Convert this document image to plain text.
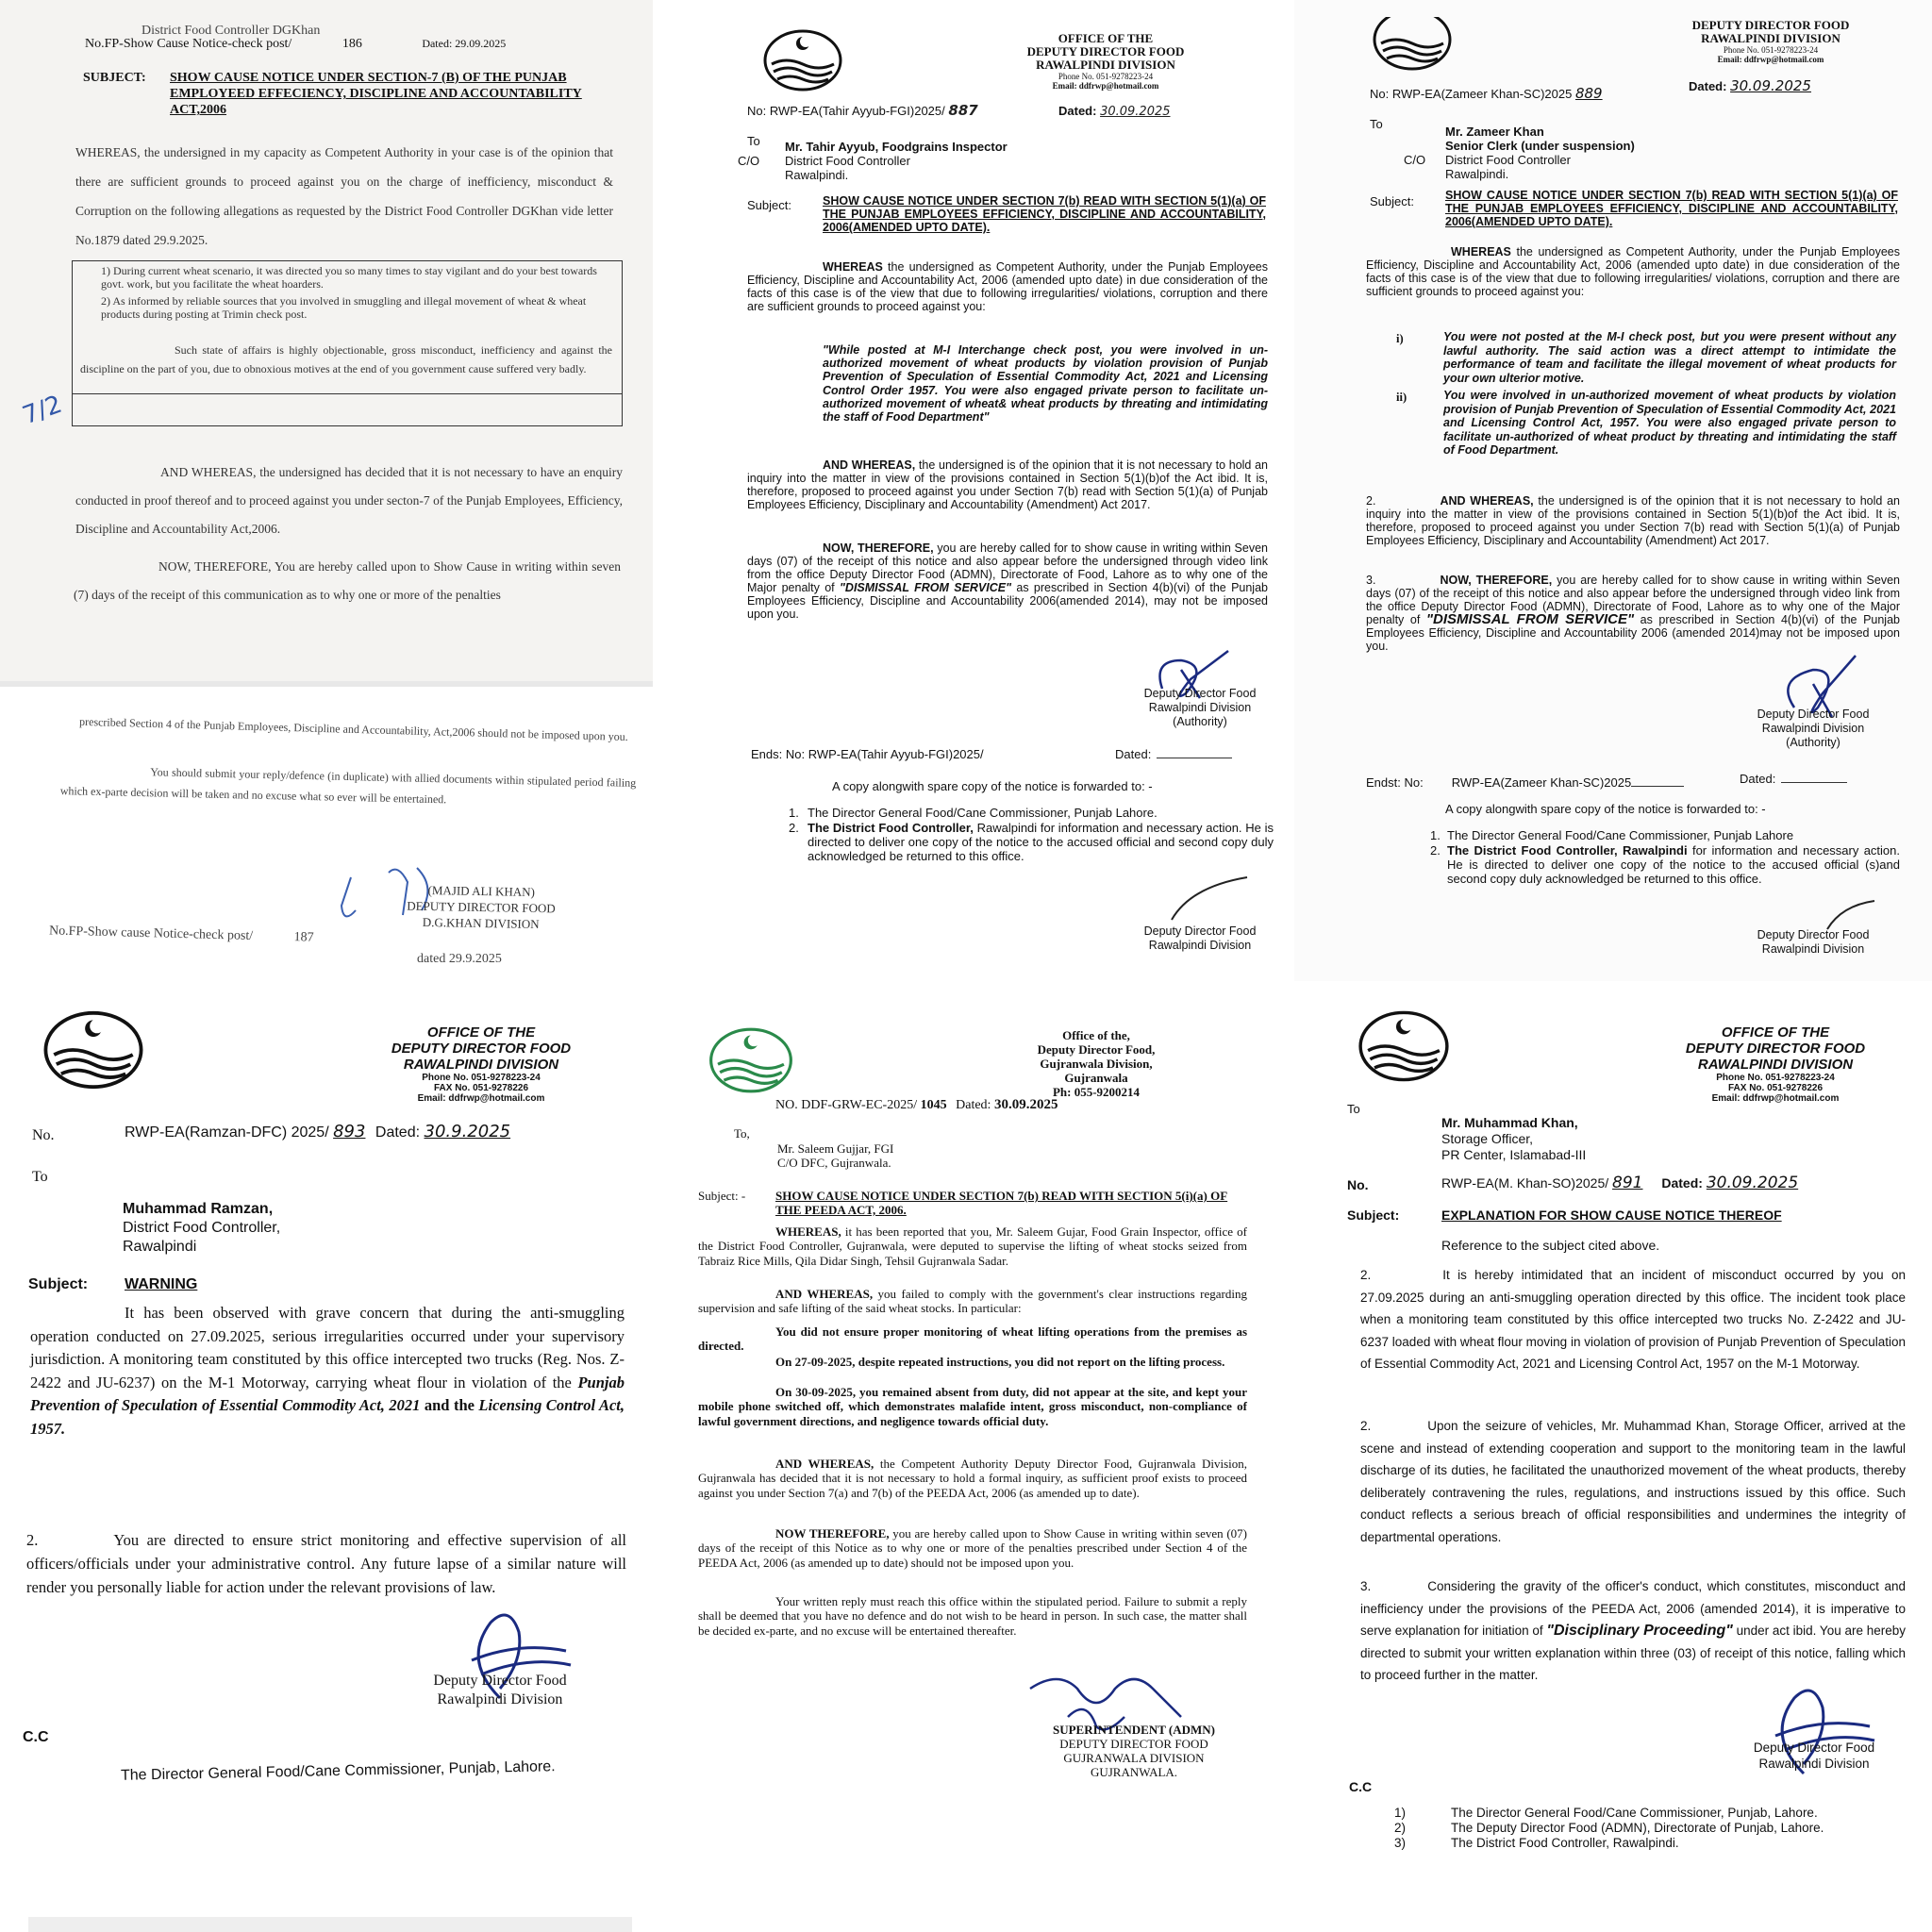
District Food Controller DGKhan
No.FP-Show Cause Notice-check post/	186	Dated: 29.09.2025
SUBJECT: SHOW CAUSE NOTICE UNDER SECTION-7 (B) OF THE PUNJAB EMPLOYEED EFFECIENCY, DISCIPLINE AND ACCOUNTABILITY ACT,2006
WHEREAS, the undersigned in my capacity as Competent Authority in your case is of the opinion that there are sufficient grounds to proceed against you on the charge of inefficiency, misconduct & Corruption on the following allegations as requested by the District Food Controller DGKhan vide letter No.1879 dated 29.9.2025.
1) During current wheat scenario, it was directed you so many times to stay vigilant and do your best towards govt. work, but you facilitate the wheat hoarders.
2) As informed by reliable sources that you involved in smuggling and illegal movement of wheat & wheat products during posting at Trimin check post.
Such state of affairs is highly objectionable, gross misconduct, inefficiency and against the discipline on the part of you, due to obnoxious motives at the end of you government cause suffered very badly.
7/2
AND WHEREAS, the undersigned has decided that it is not necessary to have an enquiry conducted in proof thereof and to proceed against you under secton-7 of the Punjab Employees, Efficiency, Discipline and Accountability Act,2006.
NOW, THEREFORE, You are hereby called upon to Show Cause in writing within seven (7) days of the receipt of this communication as to why one or more of the penalties
prescribed Section 4 of the Punjab Employees, Discipline and Accountability, Act,2006 should not be imposed upon you.
You should submit your reply/defence (in duplicate) with allied documents within stipulated period failing which ex-parte decision will be taken and no excuse what so ever will be entertained.
(MAJID ALI KHAN)
DEPUTY DIRECTOR FOOD
D.G.KHAN DIVISION
No.FP-Show cause Notice-check post/	187
dated 29.9.2025
OFFICE OF THE
DEPUTY DIRECTOR FOOD
RAWALPINDI DIVISION
Phone No. 051-9278223-24
Email: ddfrwp@hotmail.com
No: RWP-EA(Tahir Ayyub-FGI)2025/ 887	Dated: 30.09.2025
To Mr. Tahir Ayyub, Foodgrains Inspector
C/O District Food Controller
Rawalpindi.
Subject:	SHOW CAUSE NOTICE UNDER SECTION 7(b) READ WITH SECTION 5(1)(a) OF THE PUNJAB EMPLOYEES EFFICIENCY, DISCIPLINE AND ACCOUNTABILITY, 2006(AMENDED UPTO DATE).
WHEREAS the undersigned as Competent Authority, under the Punjab Employees Efficiency, Discipline and Accountability Act, 2006 (amended upto date) in due consideration of the facts of this case is of the view that due to following irregularities/ violations, corruption and there are sufficient grounds to proceed against you:
"While posted at M-I Interchange check post, you were involved in un-authorized movement of wheat products by violation provision of Punjab Prevention of Speculation of Essential Commodity Act, 2021 and Licensing Control Order 1957. You were also engaged private person to facilitate un-authorized movement of wheat& wheat products by threating and intimidating the staff of Food Department"
AND WHEREAS, the undersigned is of the opinion that it is not necessary to hold an inquiry into the matter in view of the provisions contained in Section 5(1)(b)of the Act ibid. It is, therefore, proposed to proceed against you under Section 7(b) read with Section 5(1)(a) of Punjab Employees Efficiency, Disciplinary and Accountability (Amendment) Act 2017.
NOW, THEREFORE, you are hereby called for to show cause in writing within Seven days (07) of the receipt of this notice and also appear before the undersigned through video link from the office Deputy Director Food (ADMN), Directorate of Food, Lahore as to why one of the Major penalty of "DISMISSAL FROM SERVICE" as prescribed in Section 4(b)(vi) of the Punjab Employees Efficiency, Discipline and Accountability 2006(amended 2014), may not be imposed upon you.
Deputy Director Food
Rawalpindi Division
(Authority)
Ends: No: RWP-EA(Tahir Ayyub-FGI)2025/	Dated:
A copy alongwith spare copy of the notice is forwarded to: -
1. The Director General Food/Cane Commissioner, Punjab Lahore.
2. The District Food Controller, Rawalpindi for information and necessary action. He is directed to deliver one copy of the notice to the accused official and second copy duly acknowledged be returned to this office.
Deputy Director Food
Rawalpindi Division
DEPUTY DIRECTOR FOOD
RAWALPINDI DIVISION
Phone No. 051-9278223-24
Email: ddfrwp@hotmail.com
No: RWP-EA(Zameer Khan-SC)2025 889	Dated: 30.09.2025
To
Mr. Zameer Khan
Senior Clerk (under suspension)
C/O District Food Controller
Rawalpindi.
Subject:	SHOW CAUSE NOTICE UNDER SECTION 7(b) READ WITH SECTION 5(1)(a) OF THE PUNJAB EMPLOYEES EFFICIENCY, DISCIPLINE AND ACCOUNTABILITY, 2006(AMENDED UPTO DATE).
WHEREAS the undersigned as Competent Authority, under the Punjab Employees Efficiency, Discipline and Accountability Act, 2006 (amended upto date) in due consideration of the facts of this case is of the view that due to following irregularities/ violations, corruption and there are sufficient grounds to proceed against you:
i)	You were not posted at the M-I check post, but you were present without any lawful authority. The said action was a direct attempt to intimidate the performance of team and facilitate the illegal movement of wheat products for your own ulterior motive.
ii)	You were involved in un-authorized movement of wheat products by violation provision of Punjab Prevention of Speculation of Essential Commodity Act, 2021 and Licensing Control Act, 1957. You were also engaged private person to facilitate un-authorized of wheat product by threating and intimidating the staff of Food Department.
2.	AND WHEREAS, the undersigned is of the opinion that it is not necessary to hold an inquiry into the matter in view of the provisions contained in Section 5(1)(b)of the Act ibid. It is, therefore, proposed to proceed against you under Section 7(b) read with Section 5(1)(a) of Punjab Employees Efficiency, Disciplinary and Accountability (Amendment) Act 2017.
3.	NOW, THEREFORE, you are hereby called for to show cause in writing within Seven days (07) of the receipt of this notice and also appear before the undersigned through video link from the office Deputy Director Food (ADMN), Directorate of Food, Lahore as to why one of the Major penalty of "DISMISSAL FROM SERVICE" as prescribed in Section 4(b)(vi) of the Punjab Employees Efficiency, Discipline and Accountability 2006 (amended 2014)may not be imposed upon you.
Deputy Director Food
Rawalpindi Division
(Authority)
Endst: No: RWP-EA(Zameer Khan-SC)2025	Dated:
A copy alongwith spare copy of the notice is forwarded to: -
1. The Director General Food/Cane Commissioner, Punjab Lahore
2. The District Food Controller, Rawalpindi for information and necessary action. He is directed to deliver one copy of the notice to the accused official (s)and second copy duly acknowledged be returned to this office.
Deputy Director Food
Rawalpindi Division
OFFICE OF THE
DEPUTY DIRECTOR FOOD
RAWALPINDI DIVISION
Phone No. 051-9278223-24
FAX No. 051-9278226
Email: ddfrwp@hotmail.com
No.	RWP-EA(Ramzan-DFC) 2025/ 893 Dated: 30.9.2025
To
Muhammad Ramzan,
District Food Controller,
Rawalpindi
Subject: WARNING
It has been observed with grave concern that during the anti-smuggling operation conducted on 27.09.2025, serious irregularities occurred under your supervisory jurisdiction. A monitoring team constituted by this office intercepted two trucks (Reg. Nos. Z-2422 and JU-6237) on the M-1 Motorway, carrying wheat flour in violation of the Punjab Prevention of Speculation of Essential Commodity Act, 2021 and the Licensing Control Act, 1957.
2.	You are directed to ensure strict monitoring and effective supervision of all officers/officials under your administrative control. Any future lapse of a similar nature will render you personally liable for action under the relevant provisions of law.
Deputy Director Food
Rawalpindi Division
C.C
The Director General Food/Cane Commissioner, Punjab, Lahore.
Office of the,
Deputy Director Food,
Gujranwala Division,
Gujranwala
Ph: 055-9200214
NO. DDF-GRW-EC-2025/ 1045 Dated: 30.09.2025
To,
Mr. Saleem Gujjar, FGI
C/O DFC, Gujranwala.
Subject: - SHOW CAUSE NOTICE UNDER SECTION 7(b) READ WITH SECTION 5(i)(a) OF THE PEEDA ACT, 2006.
WHEREAS, it has been reported that you, Mr. Saleem Gujar, Food Grain Inspector, office of the District Food Controller, Gujranwala, were deputed to supervise the lifting of wheat stocks seized from Tabraiz Rice Mills, Qila Didar Singh, Tehsil Gujranwala Sadar.
AND WHEREAS, you failed to comply with the government's clear instructions regarding supervision and safe lifting of the said wheat stocks. In particular:
You did not ensure proper monitoring of wheat lifting operations from the premises as directed.
On 27-09-2025, despite repeated instructions, you did not report on the lifting process.
On 30-09-2025, you remained absent from duty, did not appear at the site, and kept your mobile phone switched off, which demonstrates malafide intent, gross misconduct, non-compliance of lawful government directions, and negligence towards official duty.
AND WHEREAS, the Competent Authority Deputy Director Food, Gujranwala Division, Gujranwala has decided that it is not necessary to hold a formal inquiry, as sufficient proof exists to proceed against you under Section 7(a) and 7(b) of the PEEDA Act, 2006 (as amended up to date).
NOW THEREFORE, you are hereby called upon to Show Cause in writing within seven (07) days of the receipt of this Notice as to why one or more of the penalties prescribed under Section 4 of the PEEDA Act, 2006 (as amended up to date) should not be imposed upon you.
Your written reply must reach this office within the stipulated period. Failure to submit a reply shall be deemed that you have no defence and do not wish to be heard in person. In such case, the matter shall be decided ex-parte, and no excuse will be entertained thereafter.
SUPERINTENDENT (ADMN)
DEPUTY DIRECTOR FOOD
GUJRANWALA DIVISION
GUJRANWALA.
OFFICE OF THE
DEPUTY DIRECTOR FOOD
RAWALPINDI DIVISION
Phone No. 051-9278223-24
FAX No. 051-9278226
Email: ddfrwp@hotmail.com
To
Mr. Muhammad Khan,
Storage Officer,
PR Center, Islamabad-III
No.	RWP-EA(M. Khan-SO)2025/ 891 Dated: 30.09.2025
Subject:	EXPLANATION FOR SHOW CAUSE NOTICE THEREOF
Reference to the subject cited above.
2.	It is hereby intimidated that an incident of misconduct occurred by you on 27.09.2025 during an anti-smuggling operation directed by this office. The incident took place when a monitoring team constituted by this office intercepted two trucks No. Z-2422 and JU-6237 loaded with wheat flour moving in violation of provision of Punjab Prevention of Speculation of Essential Commodity Act, 2021 and Licensing Control Act, 1957 on the M-1 Motorway.
2.	Upon the seizure of vehicles, Mr. Muhammad Khan, Storage Officer, arrived at the scene and instead of extending cooperation and support to the monitoring team in the lawful discharge of its duties, he facilitated the unauthorized movement of the wheat products, thereby deliberately contravening the rules, regulations, and instructions issued by this office. Such conduct reflects a serious breach of official responsibilities and undermines the integrity of departmental operations.
3.	Considering the gravity of the officer's conduct, which constitutes, misconduct and inefficiency under the provisions of the PEEDA Act, 2006 (amended 2014), it is imperative to serve explanation for initiation of "Disciplinary Proceeding" under act ibid. You are hereby directed to submit your written explanation within three (03) of receipt of this notice, falling which to proceed further in the matter.
Deputy Director Food
Rawalpindi Division
C.C
1)	The Director General Food/Cane Commissioner, Punjab, Lahore.
2)	The Deputy Director Food (ADMN), Directorate of Punjab, Lahore.
3)	The District Food Controller, Rawalpindi.
